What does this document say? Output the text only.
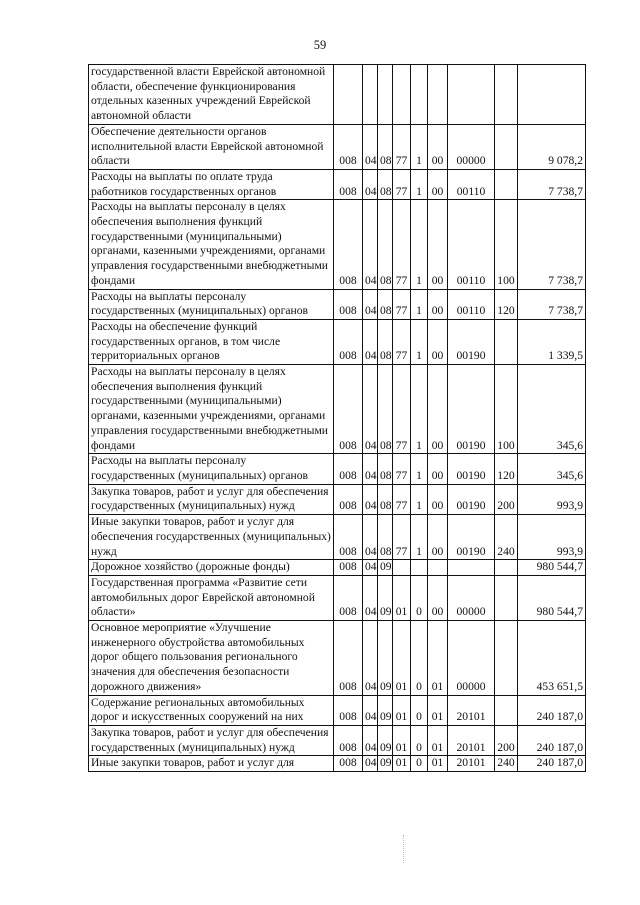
59
государственной власти Еврейской автономной области, обеспечение функционирования отдельных казенных учреждений Еврейской автономной области									
Обеспечение деятельности органов исполнительной власти Еврейской автономной области	008	04	08	77	1	00	00000		9 078,2
Расходы на выплаты по оплате труда работников государственных органов	008	04	08	77	1	00	00110		7 738,7
Расходы на выплаты персоналу в целях обеспечения выполнения функций государственными (муниципальными) органами, казенными учреждениями, органами управления государственными внебюджетными фондами	008	04	08	77	1	00	00110	100	7 738,7
Расходы на выплаты персоналу государственных (муниципальных) органов	008	04	08	77	1	00	00110	120	7 738,7
Расходы на обеспечение функций государственных органов, в том числе территориальных органов	008	04	08	77	1	00	00190		1 339,5
Расходы на выплаты персоналу в целях обеспечения выполнения функций государственными (муниципальными) органами, казенными учреждениями, органами управления государственными внебюджетными фондами	008	04	08	77	1	00	00190	100	345,6
Расходы на выплаты персоналу государственных (муниципальных) органов	008	04	08	77	1	00	00190	120	345,6
Закупка товаров, работ и услуг для обеспечения государственных (муниципальных) нужд	008	04	08	77	1	00	00190	200	993,9
Иные закупки товаров, работ и услуг для обеспечения государственных (муниципальных) нужд	008	04	08	77	1	00	00190	240	993,9
Дорожное хозяйство (дорожные фонды)	008	04	09						980 544,7
Государственная программа «Развитие сети автомобильных дорог Еврейской автономной области»	008	04	09	01	0	00	00000		980 544,7
Основное мероприятие «Улучшение инженерного обустройства автомобильных дорог общего пользования регионального значения для обеспечения безопасности дорожного движения»	008	04	09	01	0	01	00000		453 651,5
Содержание региональных автомобильных дорог и искусственных сооружений на них	008	04	09	01	0	01	20101		240 187,0
Закупка товаров, работ и услуг для обеспечения государственных (муниципальных) нужд	008	04	09	01	0	01	20101	200	240 187,0
Иные закупки товаров, работ и услуг для	008	04	09	01	0	01	20101	240	240 187,0
